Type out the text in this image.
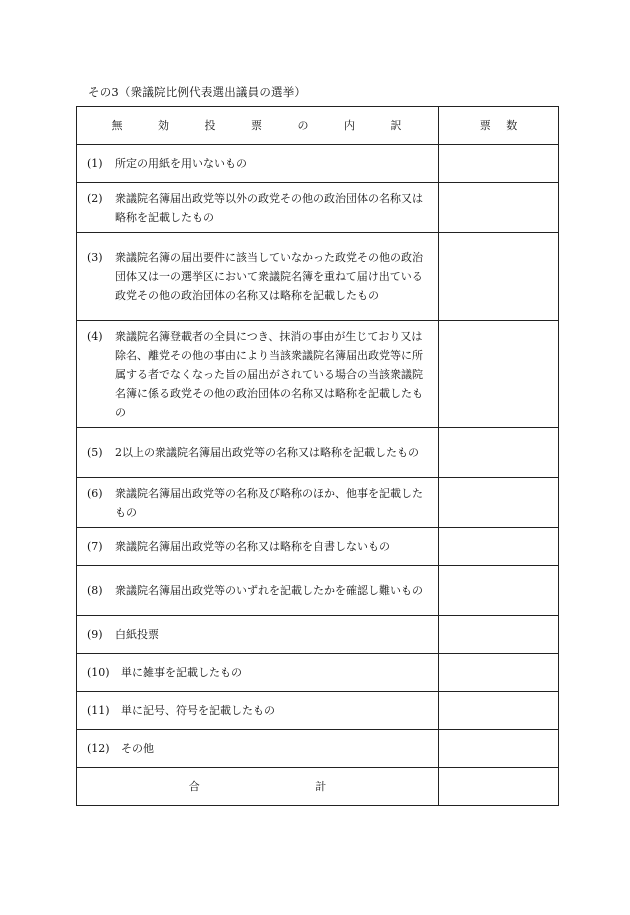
その3（衆議院比例代表選出議員の選挙）
無 効 投 票 の 内 訳	票 数

(1) 所定の用紙を用いないもの	

(2) 衆議院名簿届出政党等以外の政党その他の政治団体の名称又は略称を記載したもの	

(3) 衆議院名簿の届出要件に該当していなかった政党その他の政治団体又は一の選挙区において衆議院名簿を重ねて届け出ている政党その他の政治団体の名称又は略称を記載したもの	

(4) 衆議院名簿登載者の全員につき、抹消の事由が生じており又は除名、離党その他の事由により当該衆議院名簿届出政党等に所属する者でなくなった旨の届出がされている場合の当該衆議院名簿に係る政党その他の政治団体の名称又は略称を記載したもの	

(5) 2以上の衆議院名簿届出政党等の名称又は略称を記載したもの	

(6) 衆議院名簿届出政党等の名称及び略称のほか、他事を記載したもの	

(7) 衆議院名簿届出政党等の名称又は略称を自書しないもの	

(8) 衆議院名簿届出政党等のいずれを記載したかを確認し難いもの	

(9) 白紙投票	

(10) 単に雑事を記載したもの	

(11) 単に記号、符号を記載したもの	

(12) その他	

合 計	
